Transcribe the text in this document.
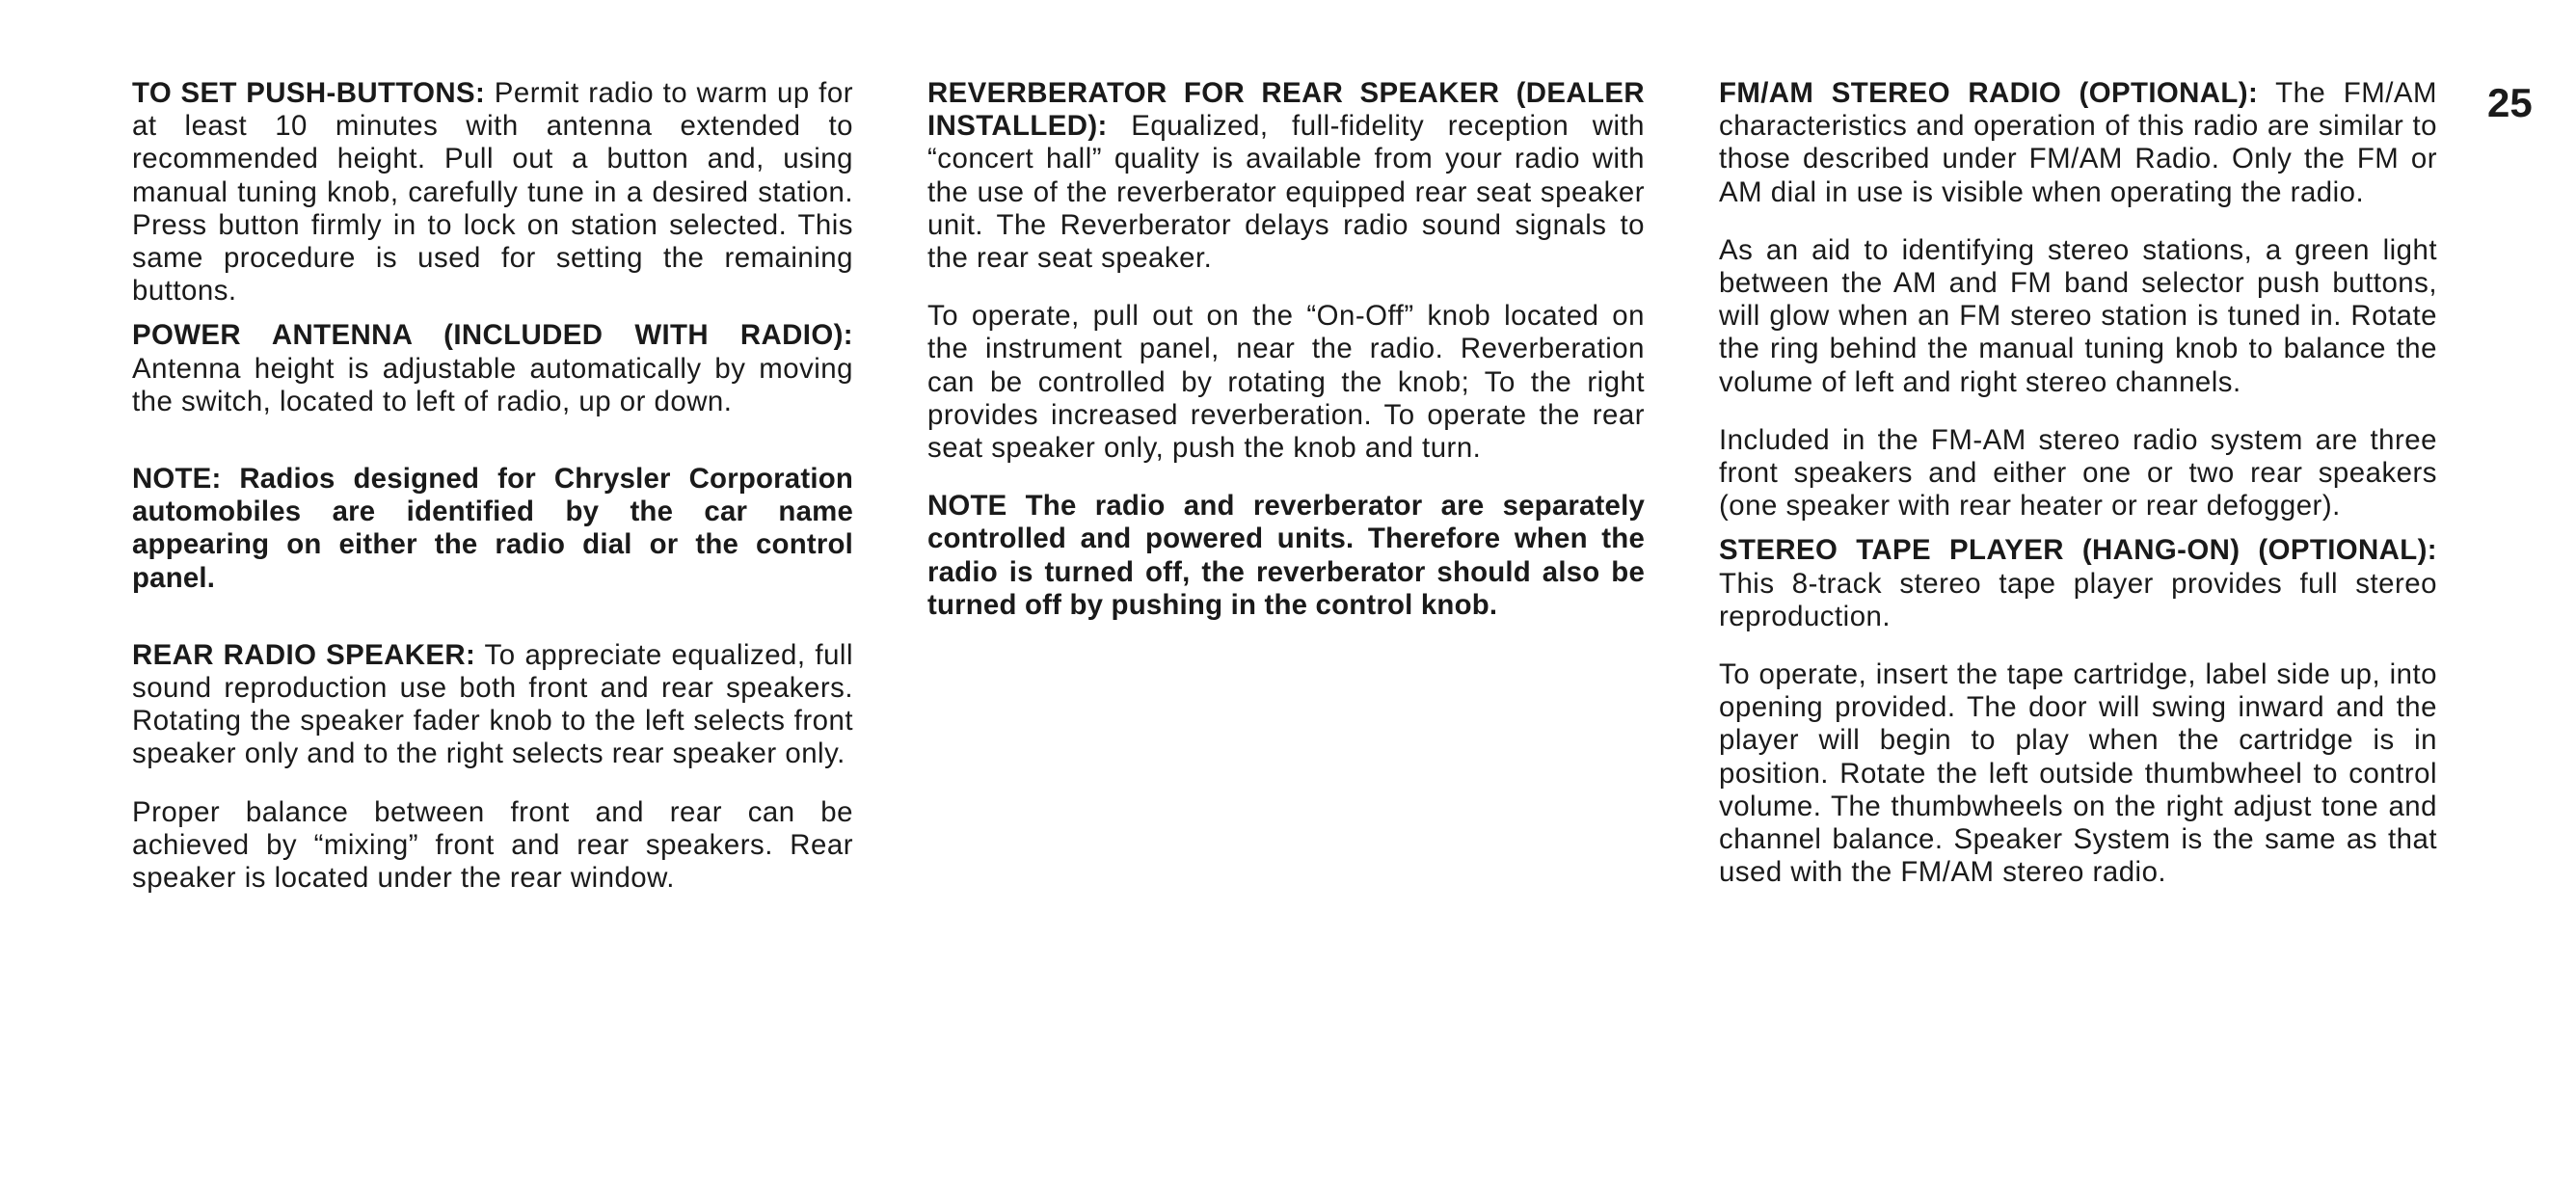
TO SET PUSH-BUTTONS: Permit radio to warm up for at least 10 minutes with antenna extended to recommended height. Pull out a button and, using manual tuning knob, carefully tune in a desired station. Press button firmly in to lock on station selected. This same procedure is used for setting the remaining buttons.

POWER ANTENNA (INCLUDED WITH RADIO): Antenna height is adjustable automatically by moving the switch, located to left of radio, up or down.

NOTE: Radios designed for Chrysler Corporation automobiles are identified by the car name appearing on either the radio dial or the control panel.

REAR RADIO SPEAKER: To appreciate equalized, full sound reproduction use both front and rear speakers. Rotating the speaker fader knob to the left selects front speaker only and to the right selects rear speaker only.

Proper balance between front and rear can be achieved by “mixing” front and rear speakers. Rear speaker is located under the rear window.

REVERBERATOR FOR REAR SPEAKER (DEALER INSTALLED): Equalized, full-fidelity reception with “concert hall” quality is available from your radio with the use of the reverberator equipped rear seat speaker unit. The Reverberator delays radio sound signals to the rear seat speaker.

To operate, pull out on the “On-Off” knob located on the instrument panel, near the radio. Reverberation can be controlled by rotating the knob; To the right provides increased reverberation. To operate the rear seat speaker only, push the knob and turn.

NOTE The radio and reverberator are separately controlled and powered units. Therefore when the radio is turned off, the reverberator should also be turned off by pushing in the control knob.

FM/AM STEREO RADIO (OPTIONAL): The FM/AM characteristics and operation of this radio are similar to those described under FM/AM Radio. Only the FM or AM dial in use is visible when operating the radio.

As an aid to identifying stereo stations, a green light between the AM and FM band selector push buttons, will glow when an FM stereo station is tuned in. Rotate the ring behind the manual tuning knob to balance the volume of left and right stereo channels.

Included in the FM-AM stereo radio system are three front speakers and either one or two rear speakers (one speaker with rear heater or rear defogger).

STEREO TAPE PLAYER (HANG-ON) (OPTIONAL): This 8-track stereo tape player provides full stereo reproduction.

To operate, insert the tape cartridge, label side up, into opening provided. The door will swing inward and the player will begin to play when the cartridge is in position. Rotate the left outside thumbwheel to control volume. The thumbwheels on the right adjust tone and channel balance. Speaker System is the same as that used with the FM/AM stereo radio.

25
